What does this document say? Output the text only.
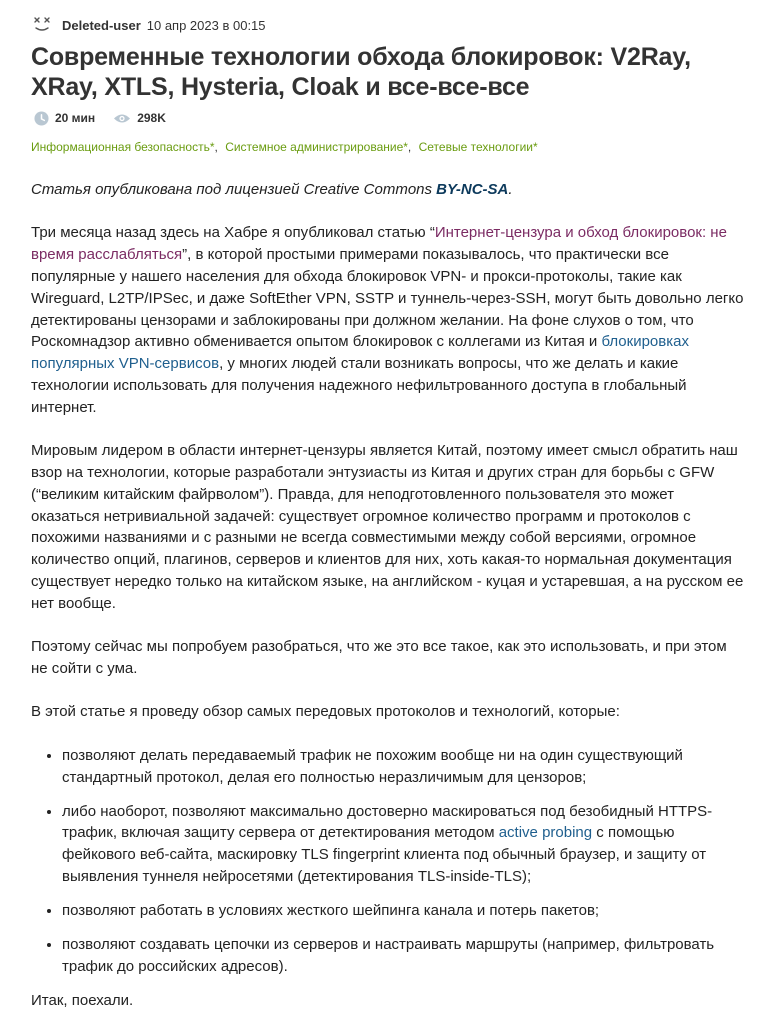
Deleted-user 10 апр 2023 в 00:15
Современные технологии обхода блокировок: V2Ray, XRay, XTLS, Hysteria, Cloak и все-все-все
20 мин	298K
Информационная безопасность*, Системное администрирование*, Сетевые технологии*

Статья опубликована под лицензией Creative Commons BY-NC-SA.

Три месяца назад здесь на Хабре я опубликовал статью “Интернет-цензура и обход блокировок: не время расслабляться”, в которой простыми примерами показывалось, что практически все популярные у нашего населения для обхода блокировок VPN- и прокси-протоколы, такие как Wireguard, L2TP/IPSec, и даже SoftEther VPN, SSTP и туннель-через-SSH, могут быть довольно легко детектированы цензорами и заблокированы при должном желании. На фоне слухов о том, что Роскомнадзор активно обменивается опытом блокировок с коллегами из Китая и блокировках популярных VPN-сервисов, у многих людей стали возникать вопросы, что же делать и какие технологии использовать для получения надежного нефильтрованного доступа в глобальный интернет.

Мировым лидером в области интернет-цензуры является Китай, поэтому имеет смысл обратить наш взор на технологии, которые разработали энтузиасты из Китая и других стран для борьбы с GFW (“великим китайским файрволом”). Правда, для неподготовленного пользователя это может оказаться нетривиальной задачей: существует огромное количество программ и протоколов с похожими названиями и с разными не всегда совместимыми между собой версиями, огромное количество опций, плагинов, серверов и клиентов для них, хоть какая-то нормальная документация существует нередко только на китайском языке, на английском - куцая и устаревшая, а на русском ее нет вообще.

Поэтому сейчас мы попробуем разобраться, что же это все такое, как это использовать, и при этом не сойти с ума.

В этой статье я проведу обзор самых передовых протоколов и технологий, которые:

• позволяют делать передаваемый трафик не похожим вообще ни на один существующий стандартный протокол, делая его полностью неразличимым для цензоров;
• либо наоборот, позволяют максимально достоверно маскироваться под безобидный HTTPS-трафик, включая защиту сервера от детектирования методом active probing с помощью фейкового веб-сайта, маскировку TLS fingerprint клиента под обычный браузер, и защиту от выявления туннеля нейросетями (детектирования TLS-inside-TLS);
• позволяют работать в условиях жесткого шейпинга канала и потерь пакетов;
• позволяют создавать цепочки из серверов и настраивать маршруты (например, фильтровать трафик до российских адресов).

Итак, поехали.
